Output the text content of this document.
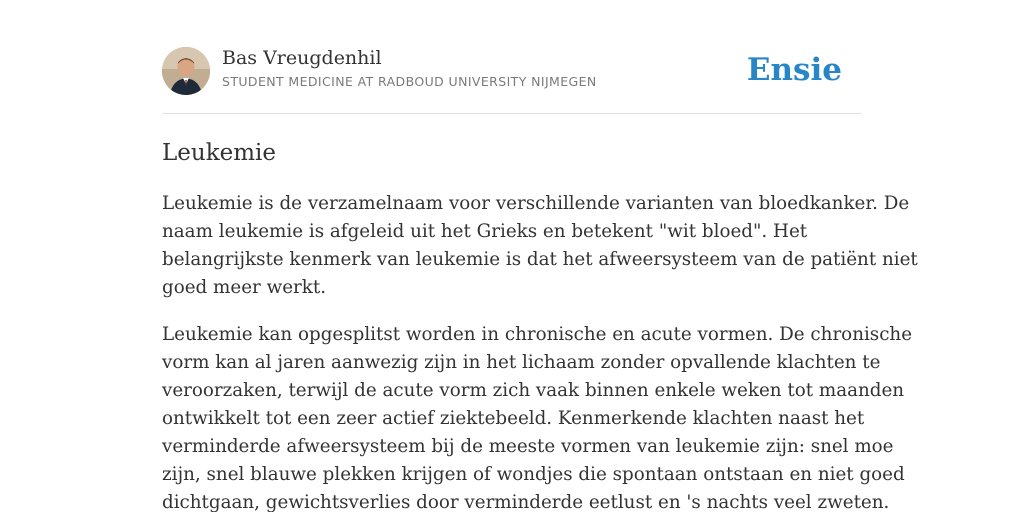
Bas Vreugdenhil
STUDENT MEDICINE AT RADBOUD UNIVERSITY NIJMEGEN	Ensie
Leukemie

Leukemie is de verzamelnaam voor verschillende varianten van bloedkanker. De
naam leukemie is afgeleid uit het Grieks en betekent "wit bloed". Het
belangrijkste kenmerk van leukemie is dat het afweersysteem van de patiënt niet
goed meer werkt.

Leukemie kan opgesplitst worden in chronische en acute vormen. De chronische
vorm kan al jaren aanwezig zijn in het lichaam zonder opvallende klachten te
veroorzaken, terwijl de acute vorm zich vaak binnen enkele weken tot maanden
ontwikkelt tot een zeer actief ziektebeeld. Kenmerkende klachten naast het
verminderde afweersysteem bij de meeste vormen van leukemie zijn: snel moe
zijn, snel blauwe plekken krijgen of wondjes die spontaan ontstaan en niet goed
dichtgaan, gewichtsverlies door verminderde eetlust en 's nachts veel zweten.
